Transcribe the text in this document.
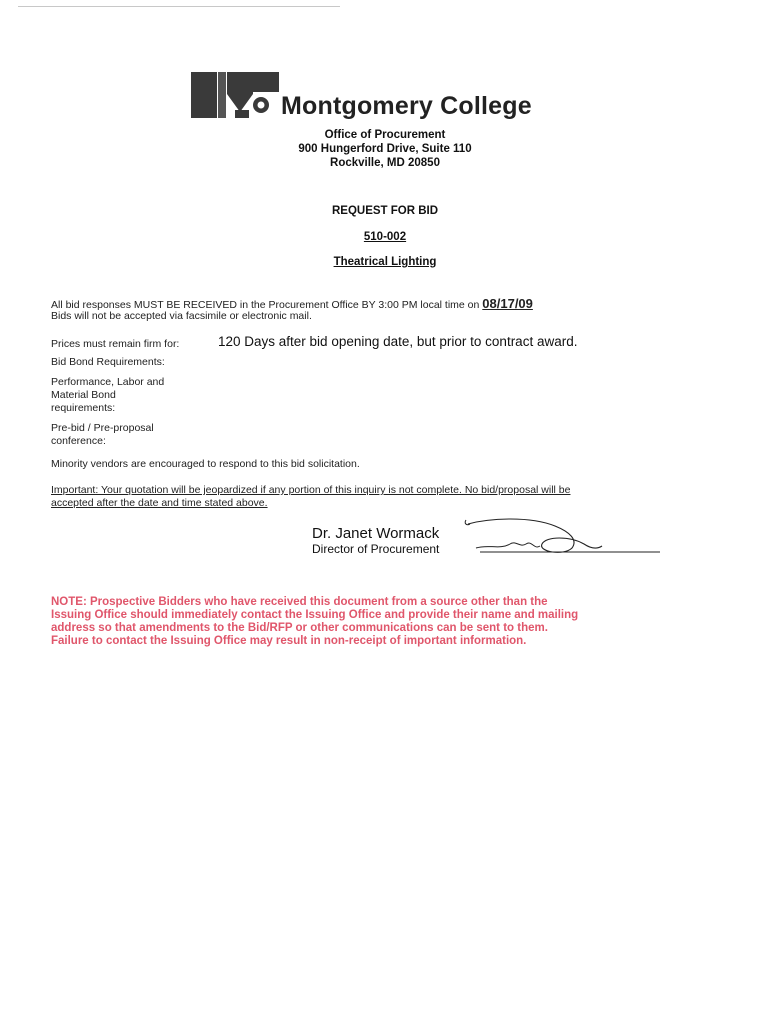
Montgomery College
Office of Procurement
900 Hungerford Drive, Suite 110
Rockville, MD 20850
REQUEST FOR BID
510-002
Theatrical Lighting
All bid responses MUST BE RECEIVED in the Procurement Office BY 3:00 PM local time on 08/17/09
Bids will not be accepted via facsimile or electronic mail.
Prices must remain firm for:	120 Days after bid opening date, but prior to contract award.
Bid Bond Requirements:
Performance, Labor and
Material Bond
requirements:
Pre-bid / Pre-proposal
conference:
Minority vendors are encouraged to respond to this bid solicitation.
Important: Your quotation will be jeopardized if any portion of this inquiry is not complete. No bid/proposal will be
accepted after the date and time stated above.
Dr. Janet Wormack
Director of Procurement
NOTE: Prospective Bidders who have received this document from a source other than the
Issuing Office should immediately contact the Issuing Office and provide their name and mailing
address so that amendments to the Bid/RFP or other communications can be sent to them.
Failure to contact the Issuing Office may result in non-receipt of important information.
